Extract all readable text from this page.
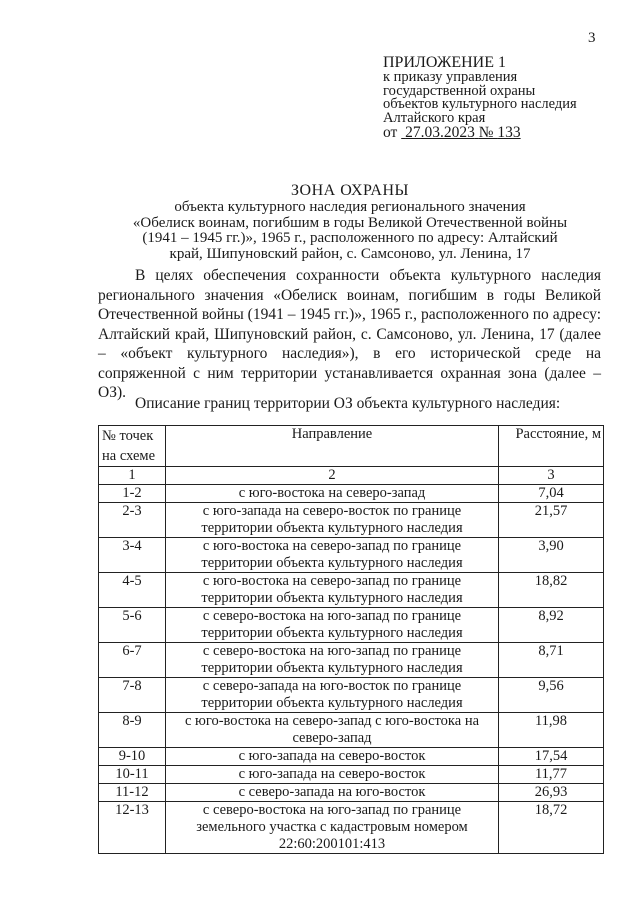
3
ПРИЛОЖЕНИЕ 1
к приказу управления
государственной охраны
объектов культурного наследия
Алтайского края
от 27.03.2023 № 133
ЗОНА ОХРАНЫ
объекта культурного наследия регионального значения
«Обелиск воинам, погибшим в годы Великой Отечественной войны
(1941 – 1945 гг.)», 1965 г., расположенного по адресу: Алтайский
край, Шипуновский район, с. Самсоново, ул. Ленина, 17

В целях обеспечения сохранности объекта культурного наследия регионального значения «Обелиск воинам, погибшим в годы Великой Отечественной войны (1941 – 1945 гг.)», 1965 г., расположенного по адресу: Алтайский край, Шипуновский район, с. Самсоново, ул. Ленина, 17 (далее – «объект культурного наследия»), в его исторической среде на сопряженной с ним территории устанавливается охранная зона (далее – ОЗ).

Описание границ территории ОЗ объекта культурного наследия:
№ точек на схеме	Направление	Расстояние, м
1	2	3
1-2	с юго-востока на северо-запад	7,04
2-3	с юго-запада на северо-восток по границе территории объекта культурного наследия	21,57
3-4	с юго-востока на северо-запад по границе территории объекта культурного наследия	3,90
4-5	с юго-востока на северо-запад по границе территории объекта культурного наследия	18,82
5-6	с северо-востока на юго-запад по границе территории объекта культурного наследия	8,92
6-7	с северо-востока на юго-запад по границе территории объекта культурного наследия	8,71
7-8	с северо-запада на юго-восток по границе территории объекта культурного наследия	9,56
8-9	с юго-востока на северо-запад с юго-востока на северо-запад	11,98
9-10	с юго-запада на северо-восток	17,54
10-11	с юго-запада на северо-восток	11,77
11-12	с северо-запада на юго-восток	26,93
12-13	с северо-востока на юго-запад по границе земельного участка с кадастровым номером 22:60:200101:413	18,72
